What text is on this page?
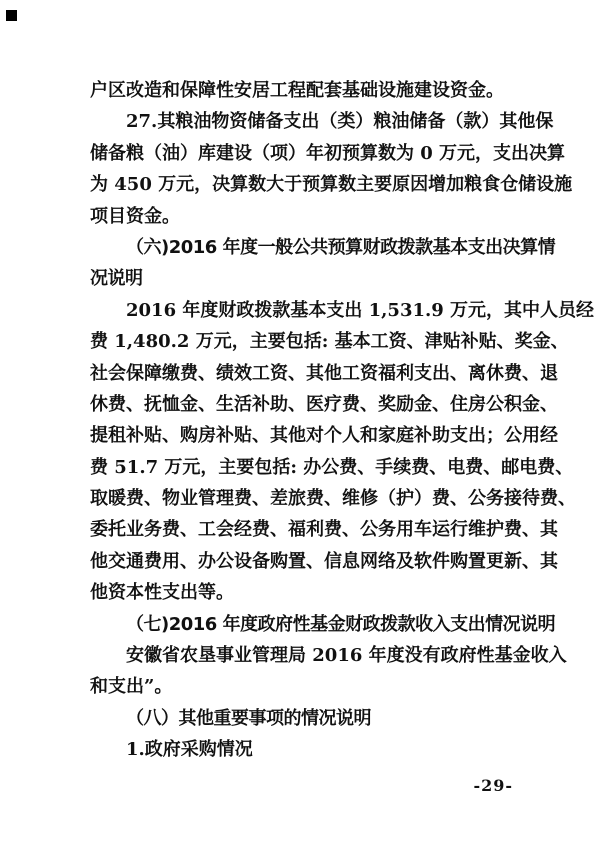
户区改造和保障性安居工程配套基础设施建设资金。
27.其粮油物资储备支出（类）粮油储备（款）其他保
储备粮（油）库建设（项）年初预算数为 0 万元，支出决算
为 450 万元，决算数大于预算数主要原因增加粮食仓储设施
项目资金。
（六)2016 年度一般公共预算财政拨款基本支出决算情
况说明
2016 年度财政拨款基本支出 1,531.9 万元，其中人员经
费 1,480.2 万元，主要包括: 基本工资、津贴补贴、奖金、
社会保障缴费、绩效工资、其他工资福利支出、离休费、退
休费、抚恤金、生活补助、医疗费、奖励金、住房公积金、
提租补贴、购房补贴、其他对个人和家庭补助支出；公用经
费 51.7 万元，主要包括: 办公费、手续费、电费、邮电费、
取暖费、物业管理费、差旅费、维修（护）费、公务接待费、
委托业务费、工会经费、福利费、公务用车运行维护费、其
他交通费用、办公设备购置、信息网络及软件购置更新、其
他资本性支出等。
（七)2016 年度政府性基金财政拨款收入支出情况说明
安徽省农垦事业管理局 2016 年度没有政府性基金收入
和支出”。
（八）其他重要事项的情况说明
1.政府采购情况
-29-
